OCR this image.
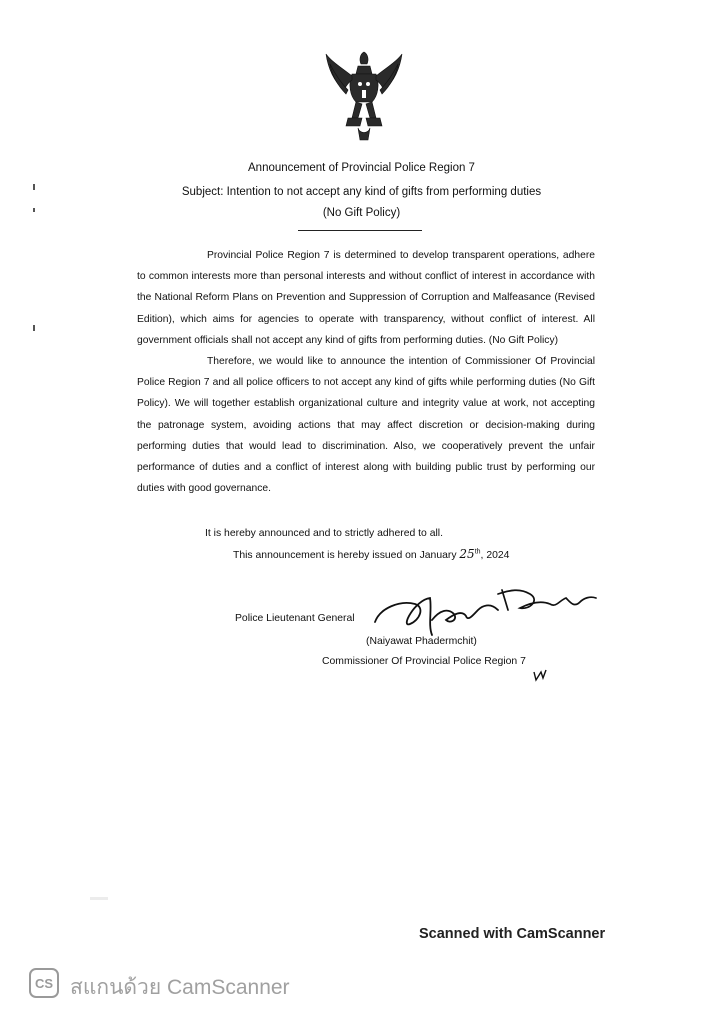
Announcement of Provincial Police Region 7
Subject: Intention to not accept any kind of gifts from performing duties
(No Gift Policy)

Provincial Police Region 7 is determined to develop transparent operations, adhere to common interests more than personal interests and without conflict of interest in accordance with the National Reform Plans on Prevention and Suppression of Corruption and Malfeasance (Revised Edition), which aims for agencies to operate with transparency, without conflict of interest. All government officials shall not accept any kind of gifts from performing duties. (No Gift Policy)

Therefore, we would like to announce the intention of Commissioner Of Provincial Police Region 7 and all police officers to not accept any kind of gifts while performing duties (No Gift Policy). We will together establish organizational culture and integrity value at work, not accepting the patronage system, avoiding actions that may affect discretion or decision-making during performing duties that would lead to discrimination. Also, we cooperatively prevent the unfair performance of duties and a conflict of interest along with building public trust by performing our duties with good governance.

It is hereby announced and to strictly adhered to all.
This announcement is hereby issued on January 25th, 2024
Police Lieutenant General
(Naiyawat Phadermchit)
Commissioner Of Provincial Police Region 7
Scanned with CamScanner
CS สแกนด้วย CamScanner
